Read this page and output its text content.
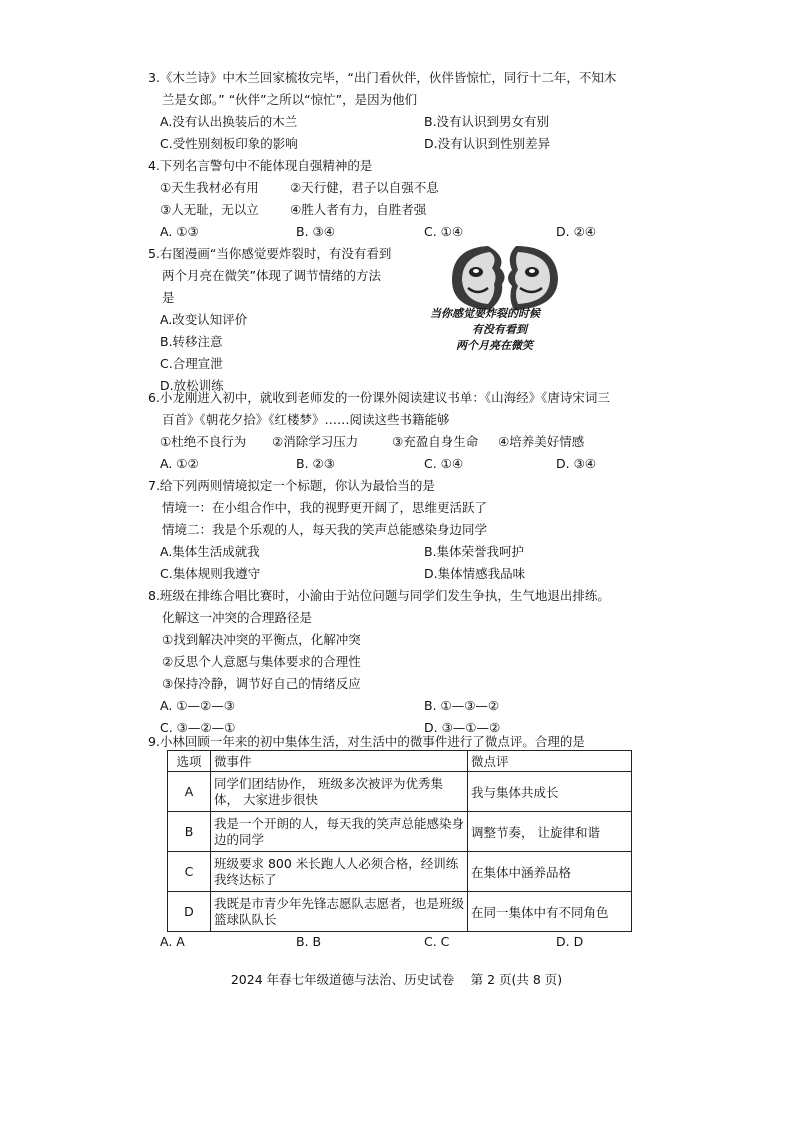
3.《木兰诗》中木兰回家梳妆完毕，“出门看伙伴，伙伴皆惊忙，同行十二年，不知木
兰是女郎。” “伙伴”之所以“惊忙”，是因为他们
A.没有认出换装后的木兰	B.没有认识到男女有别
C.受性别刻板印象的影响	D.没有认识到性别差异
4.下列名言警句中不能体现自强精神的是
①天生我材必有用	②天行健，君子以自强不息
③人无耻，无以立	④胜人者有力，自胜者强
A. ①③	B. ③④	C. ①④	D. ②④
5.右图漫画“当你感觉要炸裂时，有没有看到
两个月亮在微笑”体现了调节情绪的方法
是
A.改变认知评价
B.转移注意
C.合理宣泄
D.放松训练
当你感觉要炸裂的时候
有没有看到
两个月亮在微笑
6.小龙刚进入初中，就收到老师发的一份课外阅读建议书单：《山海经》《唐诗宋词三
百首》《朝花夕拾》《红楼梦》……阅读这些书籍能够
①杜绝不良行为 ②消除学习压力	③充盈自身生命 ④培养美好情感
A. ①②	B. ②③	C. ①④	D. ③④
7.给下列两则情境拟定一个标题，你认为最恰当的是
情境一：在小组合作中，我的视野更开阔了，思维更活跃了
情境二：我是个乐观的人，每天我的笑声总能感染身边同学
A.集体生活成就我	B.集体荣誉我呵护
C.集体规则我遵守	D.集体情感我品味
8.班级在排练合唱比赛时，小渝由于站位问题与同学们发生争执，生气地退出排练。
化解这一冲突的合理路径是
①找到解决冲突的平衡点，化解冲突
②反思个人意愿与集体要求的合理性
③保持冷静，调节好自己的情绪反应
A. ①—②—③	B. ①—③—②
C. ③—②—①	D. ③—①—②
9.小林回顾一年来的初中集体生活，对生活中的微事件进行了微点评。合理的是
选项	微事件	微点评
A	同学们团结协作， 班级多次被评为优秀集体， 大家进步很快	我与集体共成长
B	我是一个开朗的人，每天我的笑声总能感染身边的同学	调整节奏， 让旋律和谐
C	班级要求 800 米长跑人人必须合格，经训练我终达标了	在集体中涵养品格
D	我既是市青少年先锋志愿队志愿者，也是班级篮球队队长	在同一集体中有不同角色
A. A	B. B	C. C	D. D
2024 年春七年级道德与法治、历史试卷　 第 2 页(共 8 页)
